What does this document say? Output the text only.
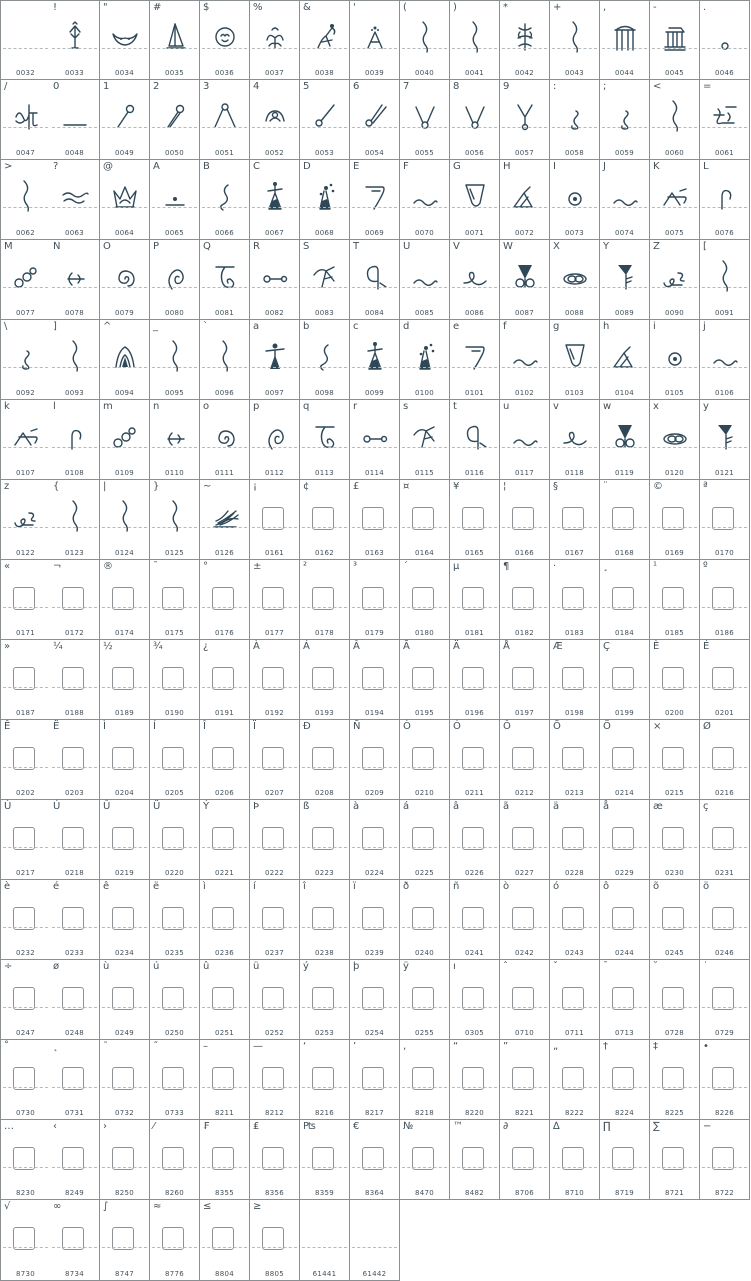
0032
!
0033
"
0034
#
0035
$
0036
%
0037
&
0038
'
0039
(
0040
)
0041
*
0042
+
0043
,
0044
-
0045
.
0046
/
0047
0
0048
1
0049
2
0050
3
0051
4
0052
5
0053
6
0054
7
0055
8
0056
9
0057
:
0058
;
0059
<
0060
=
0061
>
0062
?
0063
@
0064
A
0065
B
0066
C
0067
D
0068
E
0069
F
0070
G
0071
H
0072
I
0073
J
0074
K
0075
L
0076
M
0077
N
0078
O
0079
P
0080
Q
0081
R
0082
S
0083
T
0084
U
0085
V
0086
W
0087
X
0088
Y
0089
Z
0090
[
0091
\
0092
]
0093
^
0094
_
0095
`
0096
a
0097
b
0098
c
0099
d
0100
e
0101
f
0102
g
0103
h
0104
i
0105
j
0106
k
0107
l
0108
m
0109
n
0110
o
0111
p
0112
q
0113
r
0114
s
0115
t
0116
u
0117
v
0118
w
0119
x
0120
y
0121
z
0122
{
0123
|
0124
}
0125
~
0126
¡
0161
¢
0162
£
0163
¤
0164
¥
0165
¦
0166
§
0167
¨
0168
©
0169
ª
0170
«
0171
¬
0172
®
0174
¯
0175
°
0176
±
0177
²
0178
³
0179
´
0180
µ
0181
¶
0182
·
0183
¸
0184
¹
0185
º
0186
»
0187
¼
0188
½
0189
¾
0190
¿
0191
À
0192
Á
0193
Â
0194
Ã
0195
Ä
0196
Å
0197
Æ
0198
Ç
0199
È
0200
É
0201
Ê
0202
Ë
0203
Ì
0204
Í
0205
Î
0206
Ï
0207
Ð
0208
Ñ
0209
Ò
0210
Ó
0211
Ô
0212
Õ
0213
Ö
0214
×
0215
Ø
0216
Ù
0217
Ú
0218
Û
0219
Ü
0220
Ý
0221
Þ
0222
ß
0223
à
0224
á
0225
â
0226
ã
0227
ä
0228
å
0229
æ
0230
ç
0231
è
0232
é
0233
ê
0234
ë
0235
ì
0236
í
0237
î
0238
ï
0239
ð
0240
ñ
0241
ò
0242
ó
0243
ô
0244
õ
0245
ö
0246
÷
0247
ø
0248
ù
0249
ú
0250
û
0251
ü
0252
ý
0253
þ
0254
ÿ
0255
ı
0305
ˆ
0710
ˇ
0711
ˉ
0713
˘
0728
˙
0729
˚
0730
˛
0731
˜
0732
˝
0733
–
8211
—
8212
‘
8216
’
8217
‚
8218
“
8220
”
8221
„
8222
†
8224
‡
8225
•
8226
…
8230
‹
8249
›
8250
⁄
8260
₣
8355
₤
8356
₧
8359
€
8364
№
8470
™
8482
∂
8706
∆
8710
∏
8719
∑
8721
−
8722
√
8730
∞
8734
∫
8747
≈
8776
≤
8804
≥
8805	61441	61442
